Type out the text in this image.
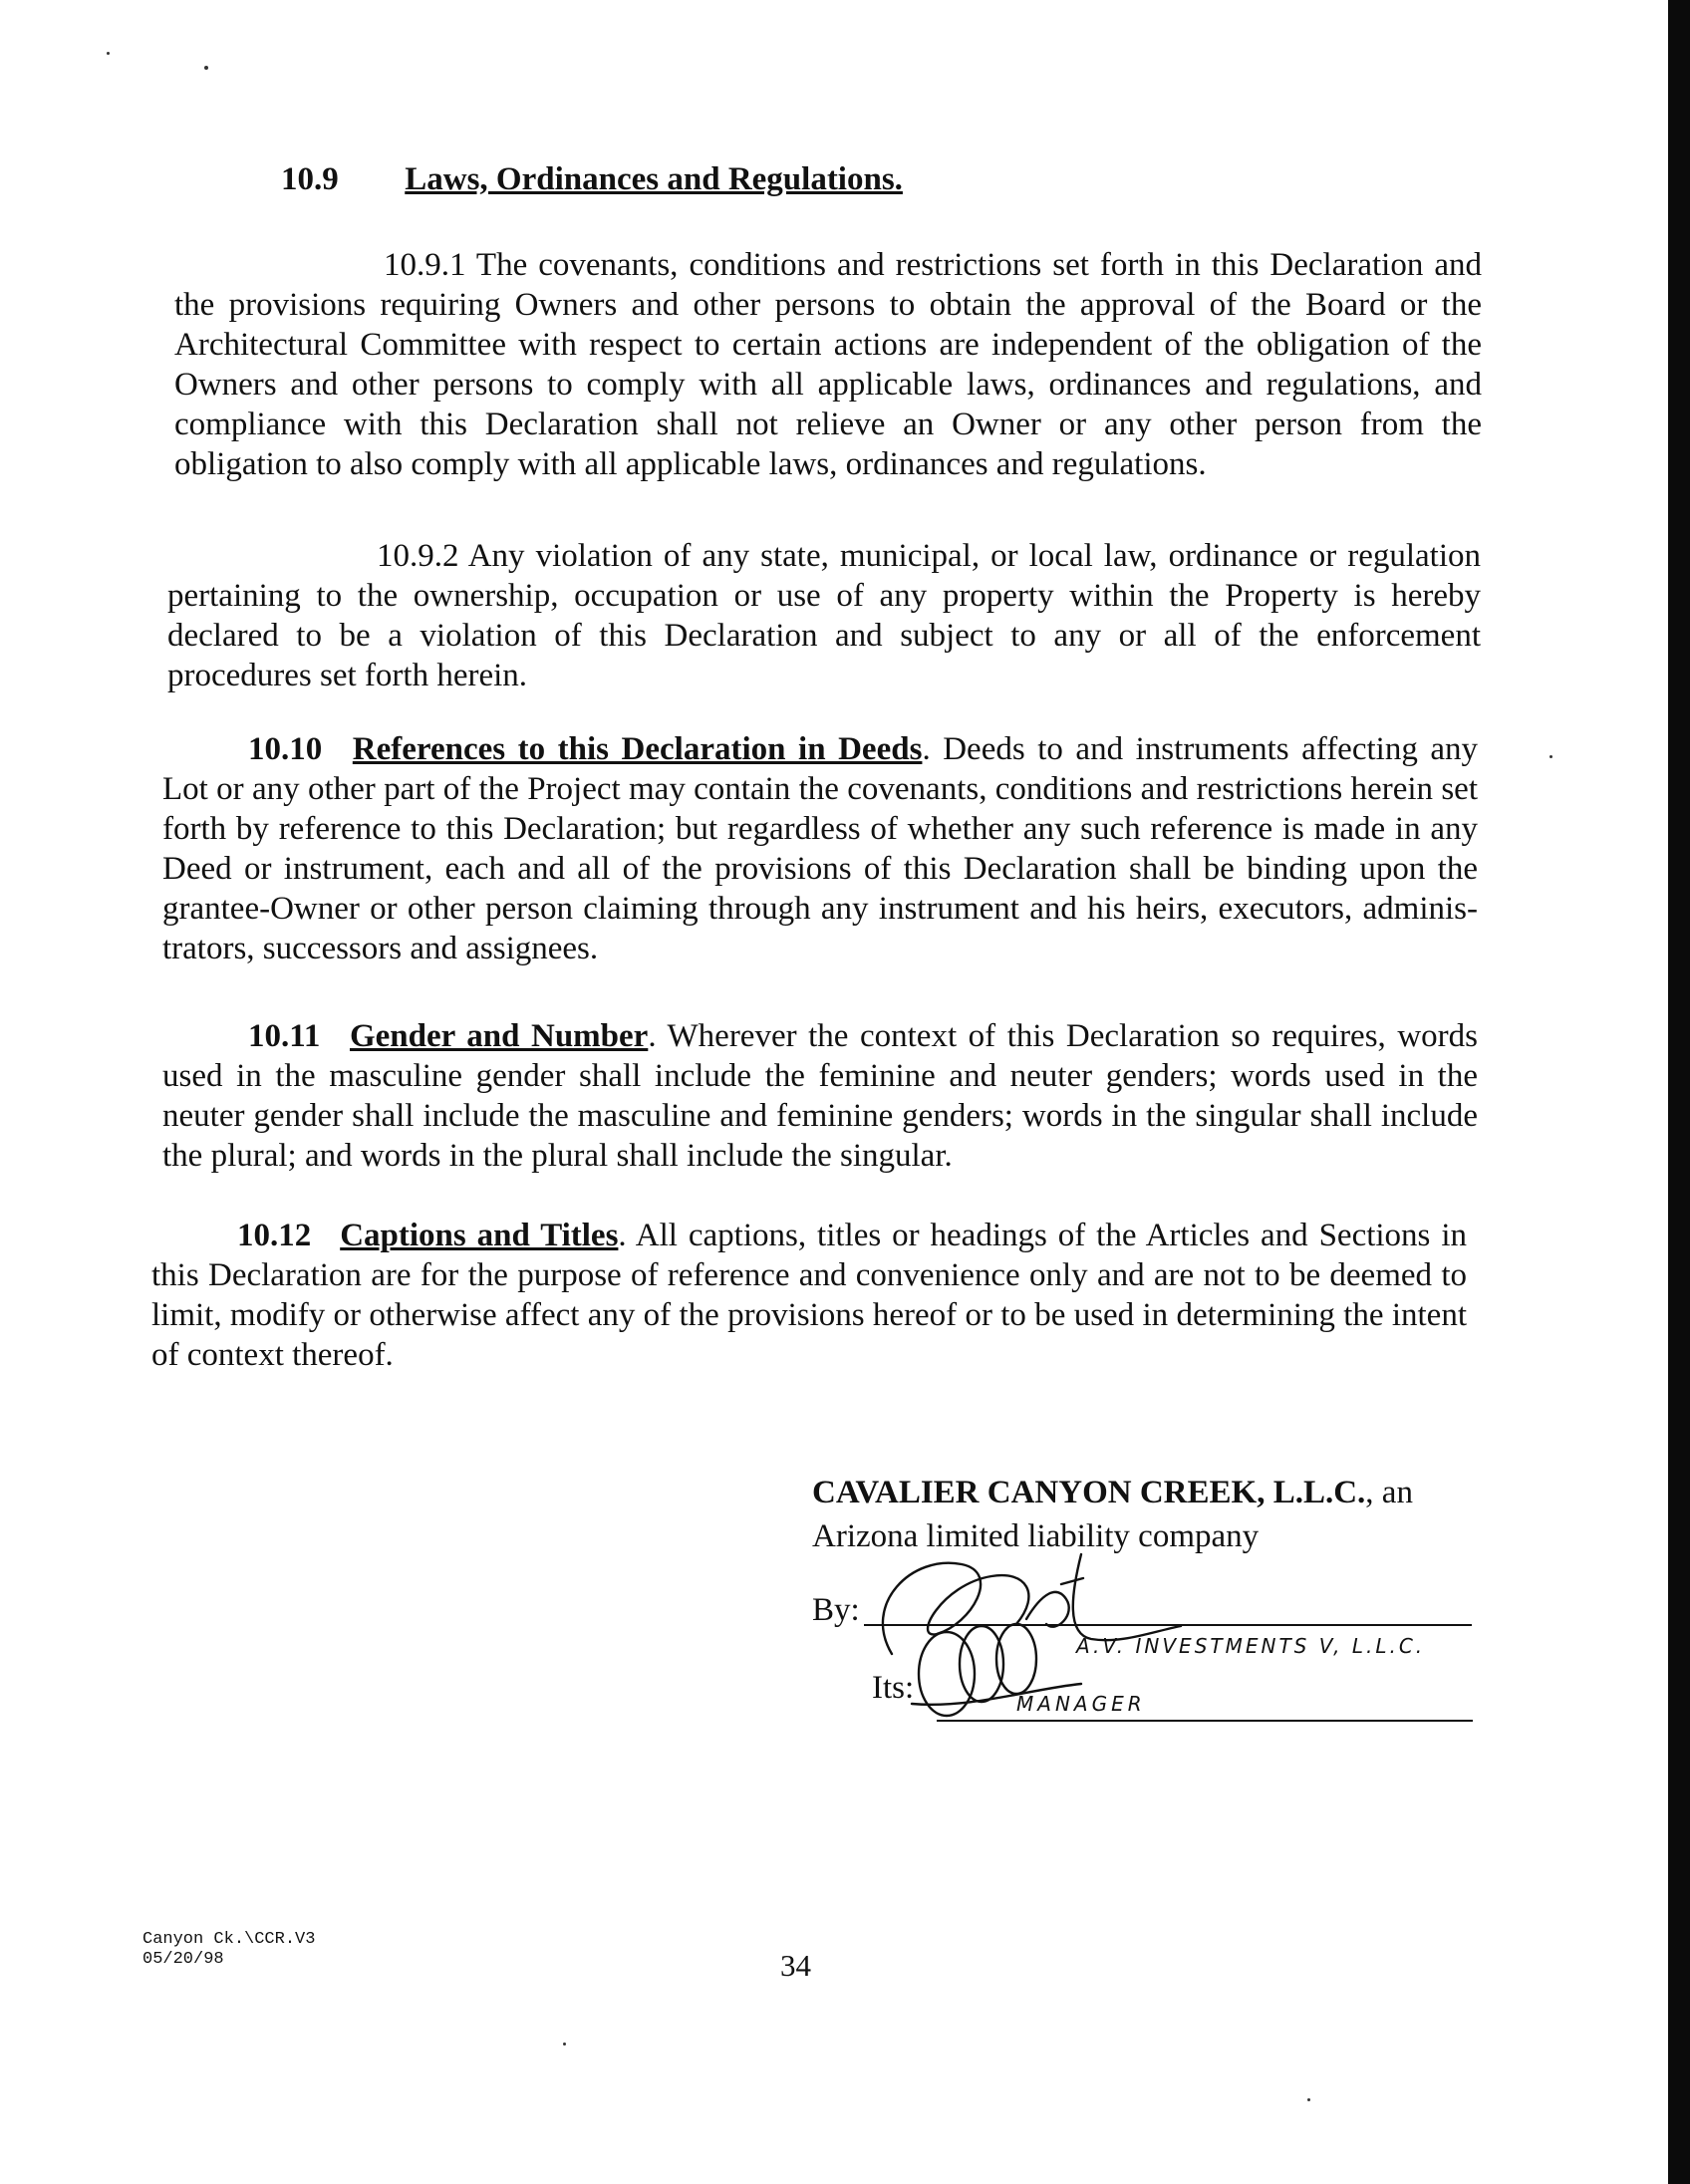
10.9 Laws, Ordinances and Regulations.
10.9.1 The covenants, conditions and restrictions set forth in this Declaration and the provisions requiring Owners and other persons to obtain the approval of the Board or the Architectural Committee with respect to certain actions are independent of the obligation of the Owners and other persons to comply with all applicable laws, ordinances and regulations, and compliance with this Declaration shall not relieve an Owner or any other person from the obligation to also comply with all applicable laws, ordinances and regulations.
10.9.2 Any violation of any state, municipal, or local law, ordinance or regulation pertaining to the ownership, occupation or use of any property within the Property is hereby declared to be a violation of this Declaration and subject to any or all of the enforcement procedures set forth herein.
10.10 References to this Declaration in Deeds. Deeds to and instruments affecting any Lot or any other part of the Project may contain the covenants, conditions and restrictions herein set forth by reference to this Declaration; but regardless of whether any such reference is made in any Deed or instrument, each and all of the provisions of this Declaration shall be binding upon the grantee-Owner or other person claiming through any instrument and his heirs, executors, adminis-trators, successors and assignees.
10.11 Gender and Number. Wherever the context of this Declaration so requires, words used in the masculine gender shall include the feminine and neuter genders; words used in the neuter gender shall include the masculine and feminine genders; words in the singular shall include the plural; and words in the plural shall include the singular.
10.12 Captions and Titles. All captions, titles or headings of the Articles and Sections in this Declaration are for the purpose of reference and convenience only and are not to be deemed to limit, modify or otherwise affect any of the provisions hereof or to be used in determining the intent of context thereof.
CAVALIER CANYON CREEK, L.L.C., an
Arizona limited liability company
By:
A.V. INVESTMENTS V, L.L.C.
Its:	MANAGER
Canyon Ck.\CCR.V3
05/20/98	34
